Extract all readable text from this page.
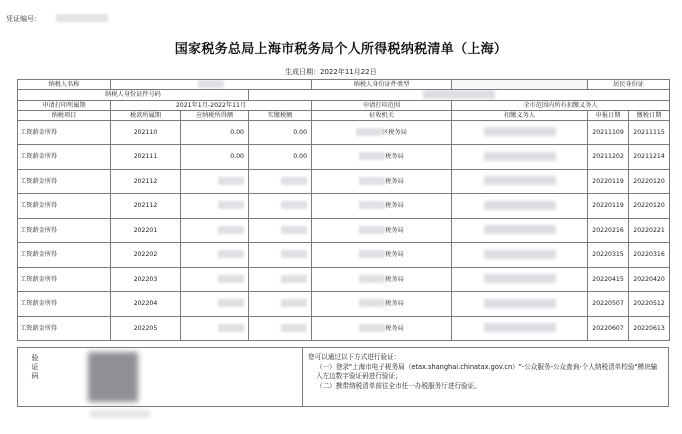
凭证编号：
国家税务总局上海市税务局个人所得税纳税清单（上海）
生成日期：2022年11月22日
纳税人名称				纳税人身份证件类型		居民身份证	
纳税人身份证件号码							
申请打印所属期	2021年1月-2022年11月			申请打印范围	全市范围内所有扣缴义务人		
纳税项目	税款所属期	应纳税所得额	实缴税额	征收机关	扣缴义务人	申报日期	缴税日期
工资薪金所得	202110	0.00	0.00	区税务局		20211109	20211115
工资薪金所得	202111	0.00	0.00	税务局		20211202	20211214
工资薪金所得	202112			税务局		20220119	20220120
工资薪金所得	202112			税务局		20220119	20220120
工资薪金所得	202201			税务局		20220216	20220221
工资薪金所得	202202			税务局		20220315	20220316
工资薪金所得	202203			税务局		20220415	20220420
工资薪金所得	202204			税务局		20220507	20220512
工资薪金所得	202205			税务局		20220607	20220613
验证码
您可以通过以下方式进行验证：
（一）登录"上海市电子税务局（etax.shanghai.chinatax.gov.cn）"-公众服务-公众查询-个人纳税清单校验"模块输入左边数字验证码进行验证；
（二）携带纳税清单前往全市任一办税服务厅进行验证。
